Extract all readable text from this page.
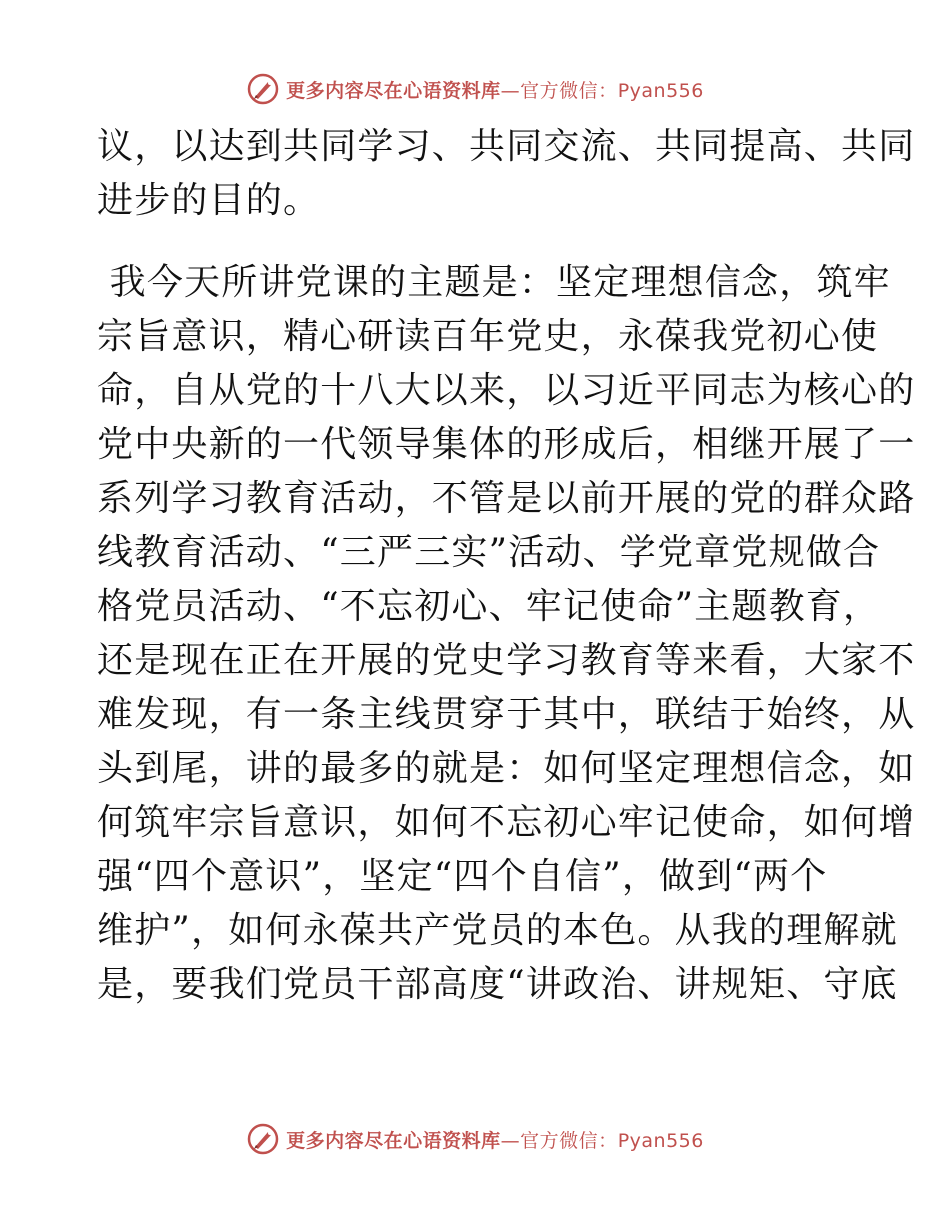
更多内容尽在心语资料库—官方微信：Pyan556
议，以达到共同学习、共同交流、共同提高、共同
进步的目的。
我今天所讲党课的主题是：坚定理想信念，筑牢
宗旨意识，精心研读百年党史，永葆我党初心使
命，自从党的十八大以来，以习近平同志为核心的
党中央新的一代领导集体的形成后，相继开展了一
系列学习教育活动，不管是以前开展的党的群众路
线教育活动、“三严三实”活动、学党章党规做合
格党员活动、“不忘初心、牢记使命”主题教育，
还是现在正在开展的党史学习教育等来看，大家不
难发现，有一条主线贯穿于其中，联结于始终，从
头到尾，讲的最多的就是：如何坚定理想信念，如
何筑牢宗旨意识，如何不忘初心牢记使命，如何增
强“四个意识”，坚定“四个自信”，做到“两个
维护”，如何永葆共产党员的本色。从我的理解就
是，要我们党员干部高度“讲政治、讲规矩、守底
更多内容尽在心语资料库—官方微信：Pyan556
